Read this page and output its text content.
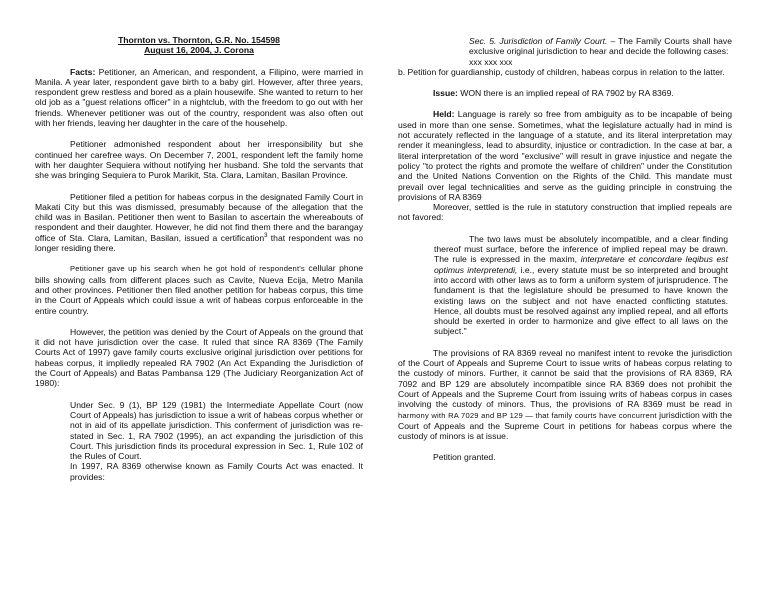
Thornton vs. Thornton, G.R. No. 154598

August 16, 2004, J. Corona

Facts: Petitioner, an American, and respondent, a Filipino, were married in Manila. A year later, respondent gave birth to a baby girl. However, after three years, respondent grew restless and bored as a plain housewife. She wanted to return to her old job as a "guest relations officer" in a nightclub, with the freedom to go out with her friends. Whenever petitioner was out of the country, respondent was also often out with her friends, leaving her daughter in the care of the househelp.

Petitioner admonished respondent about her irresponsibility but she continued her carefree ways. On December 7, 2001, respondent left the family home with her daughter Sequiera without notifying her husband. She told the servants that she was bringing Sequiera to Purok Marikit, Sta. Clara, Lamitan, Basilan Province.

Petitioner filed a petition for habeas corpus in the designated Family Court in Makati City but this was dismissed, presumably because of the allegation that the child was in Basilan. Petitioner then went to Basilan to ascertain the whereabouts of respondent and their daughter. However, he did not find them there and the barangay office of Sta. Clara, Lamitan, Basilan, issued a certification$^3$ that respondent was no longer residing there.

Petitioner gave up his search when he got hold of respondent's cellular phone bills showing calls from different places such as Cavite, Nueva Ecija, Metro Manila and other provinces. Petitioner then filed another petition for habeas corpus, this time in the Court of Appeals which could issue a writ of habeas corpus enforceable in the entire country.

However, the petition was denied by the Court of Appeals on the ground that it did not have jurisdiction over the case. It ruled that since RA 8369 (The Family Courts Act of 1997) gave family courts exclusive original jurisdiction over petitions for habeas corpus, it impliedly repealed RA 7902 (An Act Expanding the Jurisdiction of the Court of Appeals) and Batas Pambansa 129 (The Judiciary Reorganization Act of 1980):

Under Sec. 9 (1), BP 129 (1981) the Intermediate Appellate Court (now Court of Appeals) has jurisdiction to issue a writ of habeas corpus whether or not in aid of its appellate jurisdiction. This conferment of jurisdiction was re-stated in Sec. 1, RA 7902 (1995), an act expanding the jurisdiction of this Court. This jurisdiction finds its procedural expression in Sec. 1, Rule 102 of the Rules of Court.

In 1997, RA 8369 otherwise known as Family Courts Act was enacted. It provides:

Sec. 5. Jurisdiction of Family Court. – The Family Courts shall have exclusive original jurisdiction to hear and decide the following cases:

xxx xxx xxx

b. Petition for guardianship, custody of children, habeas corpus in relation to the latter.

Issue: WON there is an implied repeal of RA 7902 by RA 8369.

Held: Language is rarely so free from ambiguity as to be incapable of being used in more than one sense. Sometimes, what the legislature actually had in mind is not accurately reflected in the language of a statute, and its literal interpretation may render it meaningless, lead to absurdity, injustice or contradiction. In the case at bar, a literal interpretation of the word "exclusive" will result in grave injustice and negate the policy "to protect the rights and promote the welfare of children" under the Constitution and the United Nations Convention on the Rights of the Child. This mandate must prevail over legal technicalities and serve as the guiding principle in construing the provisions of RA 8369

Moreover, settled is the rule in statutory construction that implied repeals are not favored:

The two laws must be absolutely incompatible, and a clear finding thereof must surface, before the inference of implied repeal may be drawn. The rule is expressed in the maxim, interpretare et concordare leqibus est optimus interpretendi, i.e., every statute must be so interpreted and brought into accord with other laws as to form a uniform system of jurisprudence. The fundament is that the legislature should be presumed to have known the existing laws on the subject and not have enacted conflicting statutes. Hence, all doubts must be resolved against any implied repeal, and all efforts should be exerted in order to harmonize and give effect to all laws on the subject."

The provisions of RA 8369 reveal no manifest intent to revoke the jurisdiction of the Court of Appeals and Supreme Court to issue writs of habeas corpus relating to the custody of minors. Further, it cannot be said that the provisions of RA 8369, RA 7092 and BP 129 are absolutely incompatible since RA 8369 does not prohibit the Court of Appeals and the Supreme Court from issuing writs of habeas corpus in cases involving the custody of minors. Thus, the provisions of RA 8369 must be read in harmony with RA 7029 and BP 129 — that family courts have concurrent jurisdiction with the Court of Appeals and the Supreme Court in petitions for habeas corpus where the custody of minors is at issue.

Petition granted.
